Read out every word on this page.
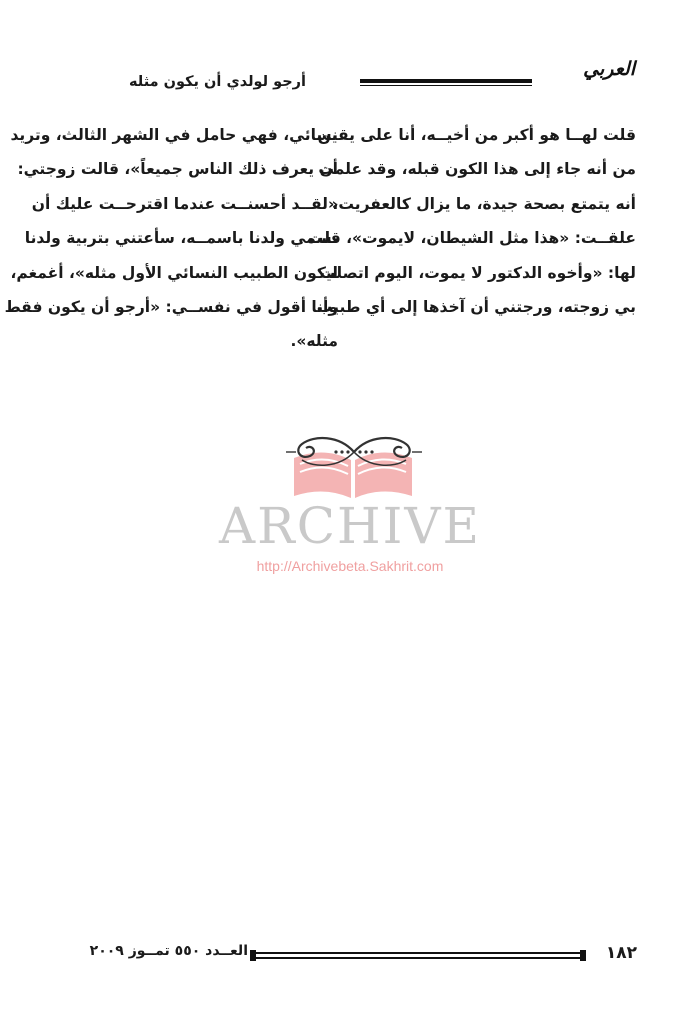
العربي
أرجو لولدي أن يكون مثله
قلت لهــا هو أكبر من أخيــه، أنا على يقين
من أنه جاء إلى هذا الكون قبله، وقد علمت
أنه يتمتع بصحة جيدة، ما يزال كالعفريت،
علقــت: «هذا مثل الشيطان، لايموت»، قلت
لها: «وأخوه الدكتور لا يموت، اليوم اتصلت
بي زوجته، ورجتني أن آخذها إلى أي طبيب
نسائي، فهي حامل في الشهر الثالث، وتريد
أن يعرف ذلك الناس جميعاً»، قالت زوجتي:
«لقــد أحسنــت عندما اقترحــت عليك أن
نسمي ولدنا باسمــه، سأعتني بتربية ولدنا
ليكون الطبيب النسائي الأول مثله»، أغمغم،
وأنا أقول في نفســي: «أرجو أن يكون فقط
مثله».
ARCHIVE
http://Archivebeta.Sakhrit.com
١٨٢
العــدد ٥٥٠ تمــوز ٢٠٠٩
